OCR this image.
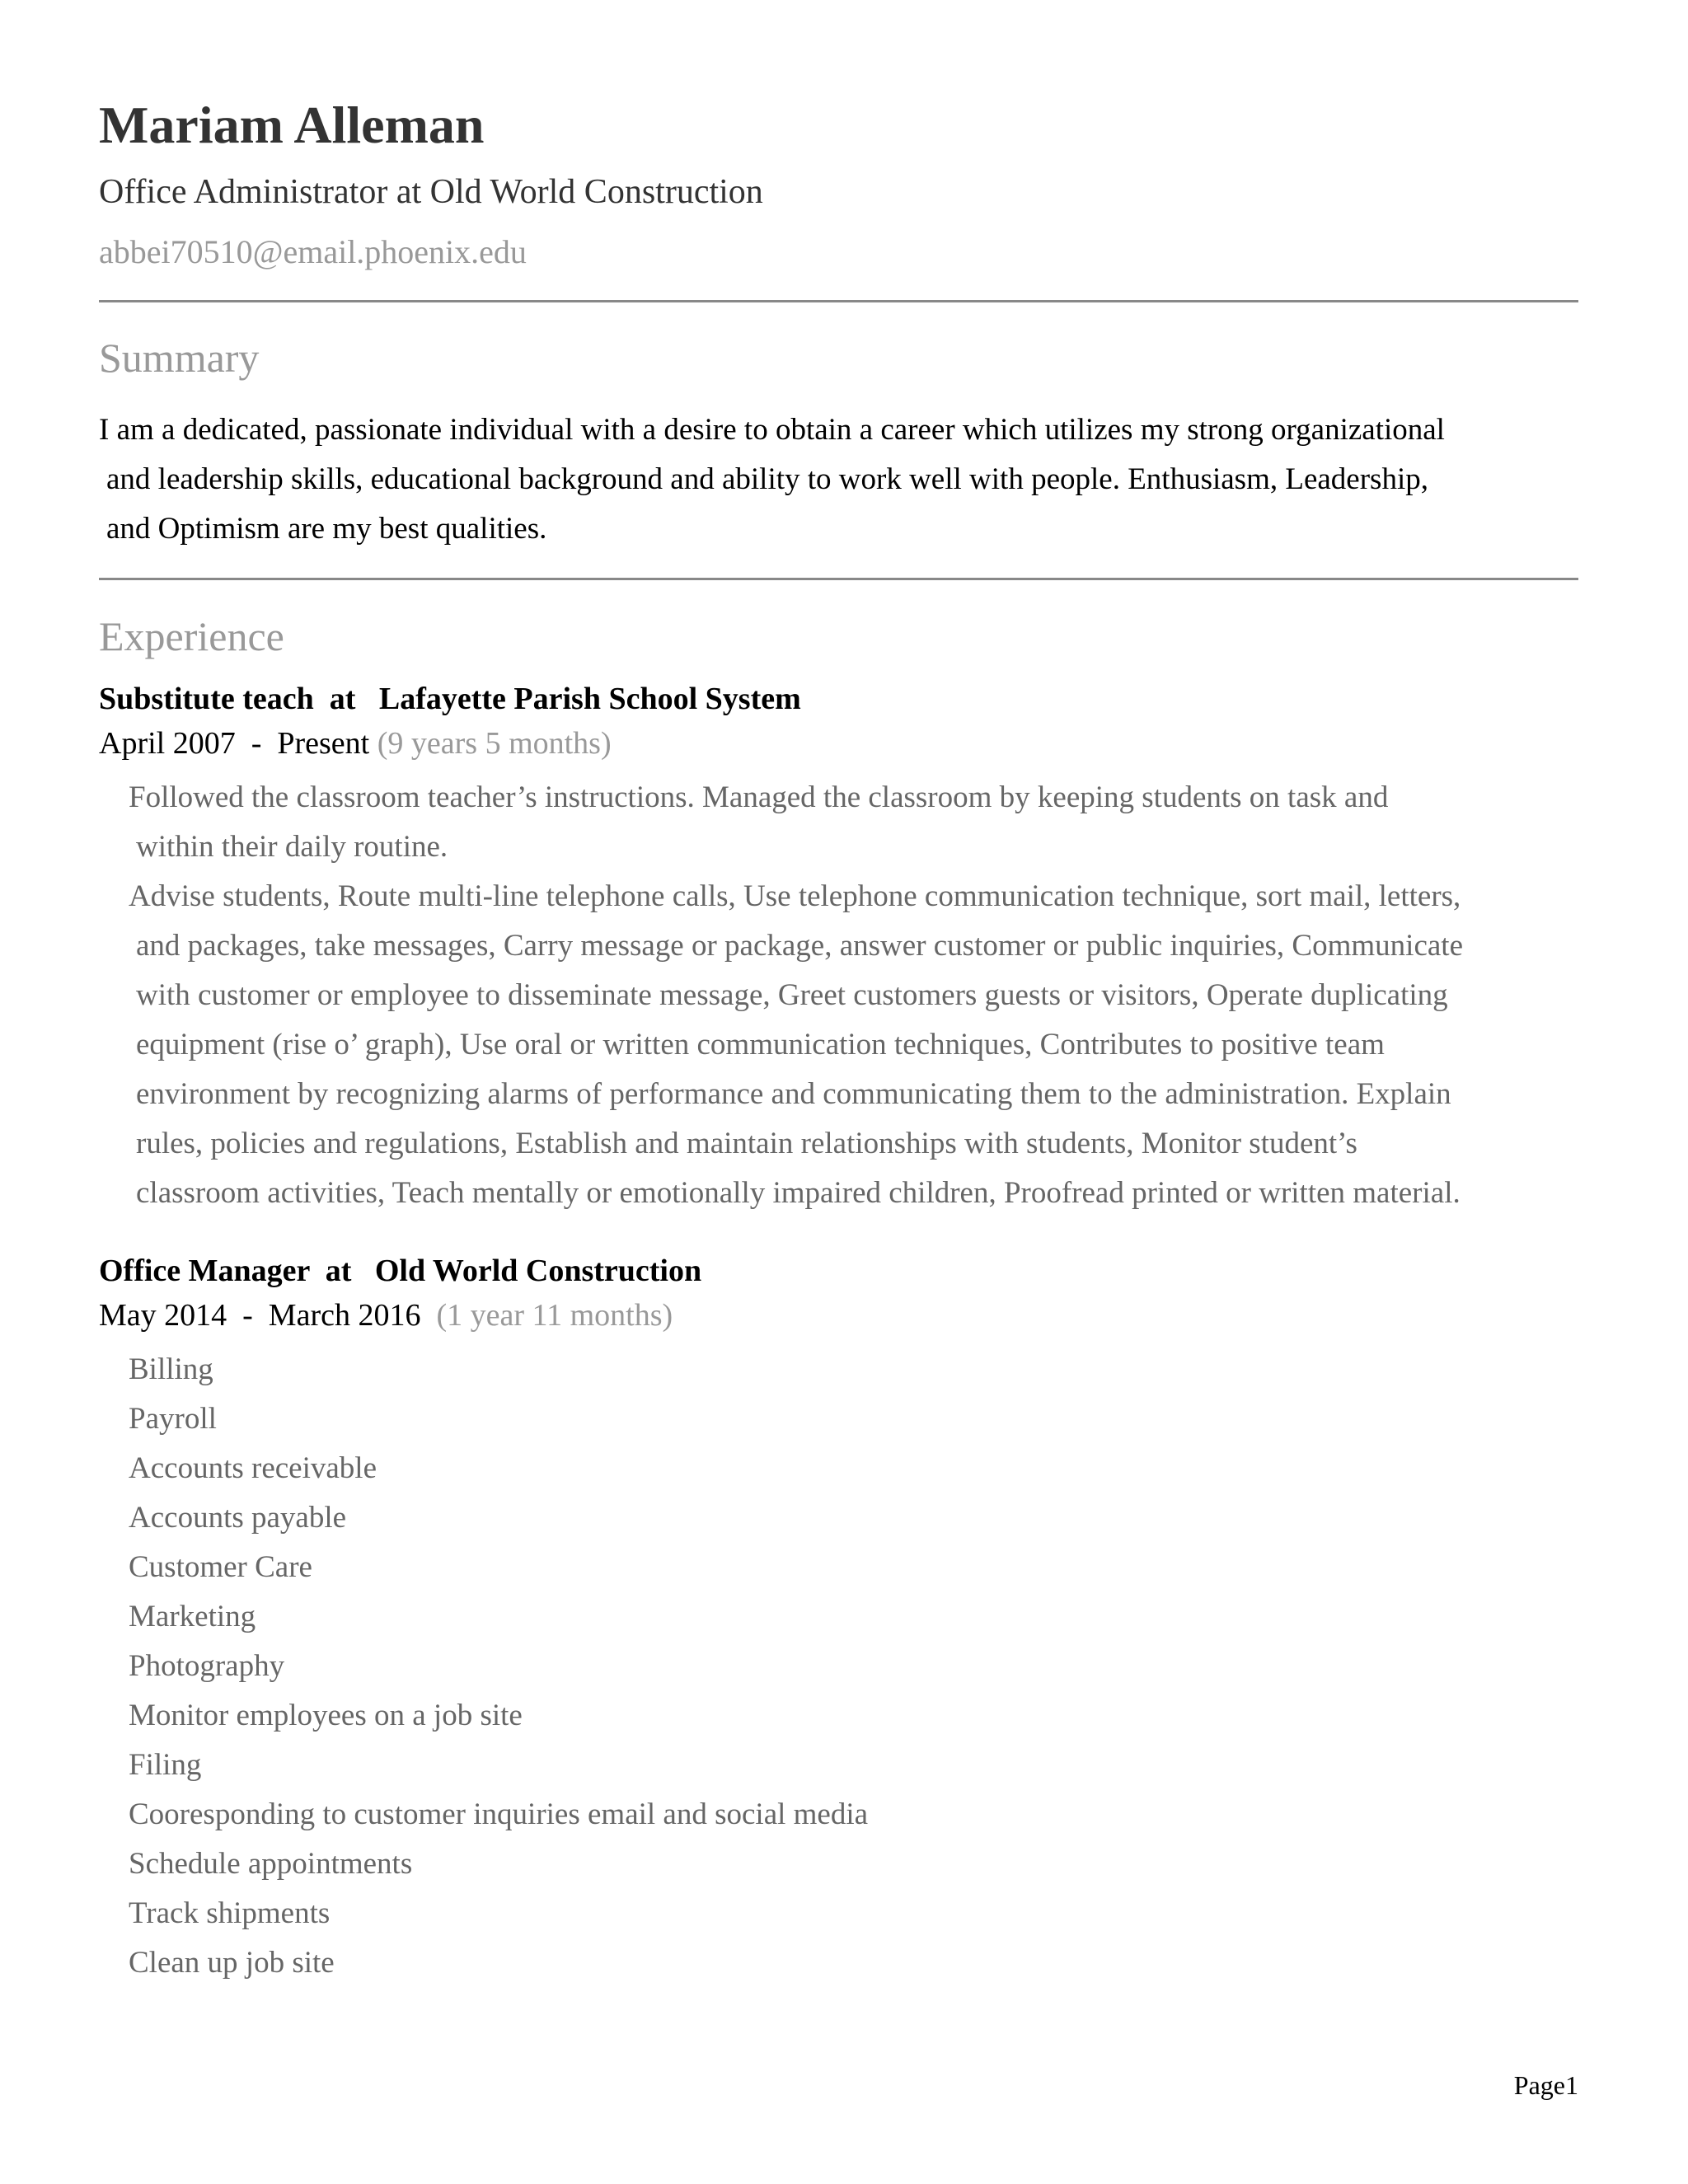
Mariam Alleman
Office Administrator at Old World Construction
abbei70510@email.phoenix.edu
Summary
I am a dedicated, passionate individual with a desire to obtain a career which utilizes my strong organizational
and leadership skills, educational background and ability to work well with people. Enthusiasm, Leadership,
and Optimism are my best qualities.
Experience
Substitute teach  at   Lafayette Parish School System
April 2007  -  Present (9 years 5 months)
Followed the classroom teacher’s instructions. Managed the classroom by keeping students on task and
within their daily routine.
Advise students, Route multi-line telephone calls, Use telephone communication technique, sort mail, letters,
and packages, take messages, Carry message or package, answer customer or public inquiries, Communicate
with customer or employee to disseminate message, Greet customers guests or visitors, Operate duplicating
equipment (rise o’ graph), Use oral or written communication techniques, Contributes to positive team
environment by recognizing alarms of performance and communicating them to the administration. Explain
rules, policies and regulations, Establish and maintain relationships with students, Monitor student’s
classroom activities, Teach mentally or emotionally impaired children, Proofread printed or written material.
Office Manager  at   Old World Construction
May 2014  -  March 2016 (1 year 11 months)
Billing
Payroll
Accounts receivable
Accounts payable
Customer Care
Marketing
Photography
Monitor employees on a job site
Filing
Cooresponding to customer inquiries email and social media
Schedule appointments
Track shipments
Clean up job site
Page1
